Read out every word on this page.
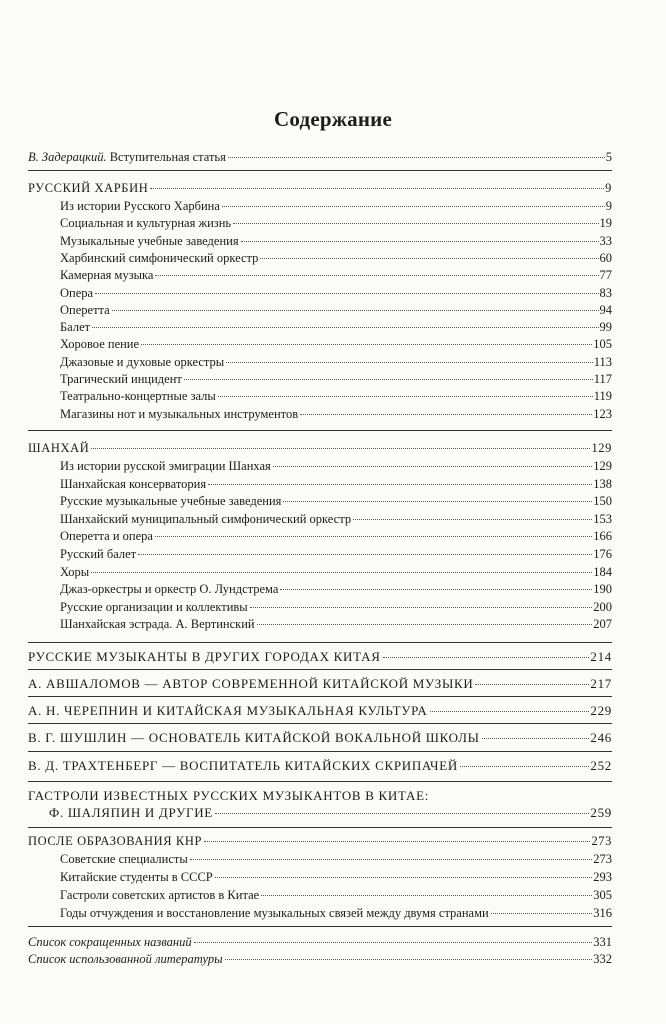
Содержание
В. Задерацкий. Вступительная статья	5
РУССКИЙ ХАРБИН	9
Из истории Русского Харбина	9
Социальная и культурная жизнь	19
Музыкальные учебные заведения	33
Харбинский симфонический оркестр	60
Камерная музыка	77
Опера	83
Оперетта	94
Балет	99
Хоровое пение	105
Джазовые и духовые оркестры	113
Трагический инцидент	117
Театрально-концертные залы	119
Магазины нот и музыкальных инструментов	123
ШАНХАЙ	129
Из истории русской эмиграции Шанхая	129
Шанхайская консерватория	138
Русские музыкальные учебные заведения	150
Шанхайский муниципальный симфонический оркестр	153
Оперетта и опера	166
Русский балет	176
Хоры	184
Джаз-оркестры и оркестр О. Лундстрема	190
Русские организации и коллективы	200
Шанхайская эстрада. А. Вертинский	207
РУССКИЕ МУЗЫКАНТЫ В ДРУГИХ ГОРОДАХ КИТАЯ	214
А. АВШАЛОМОВ — АВТОР СОВРЕМЕННОЙ КИТАЙСКОЙ МУЗЫКИ	217
А. Н. ЧЕРЕПНИН И КИТАЙСКАЯ МУЗЫКАЛЬНАЯ КУЛЬТУРА	229
В. Г. ШУШЛИН — ОСНОВАТЕЛЬ КИТАЙСКОЙ ВОКАЛЬНОЙ ШКОЛЫ	246
В. Д. ТРАХТЕНБЕРГ — ВОСПИТАТЕЛЬ КИТАЙСКИХ СКРИПАЧЕЙ	252
ГАСТРОЛИ ИЗВЕСТНЫХ РУССКИХ МУЗЫКАНТОВ В КИТАЕ:
Ф. ШАЛЯПИН И ДРУГИЕ	259
ПОСЛЕ ОБРАЗОВАНИЯ КНР	273
Советские специалисты	273
Китайские студенты в СССР	293
Гастроли советских артистов в Китае	305
Годы отчуждения и восстановление музыкальных связей между двумя странами	316
Список сокращенных названий	331
Список использованной литературы	332
